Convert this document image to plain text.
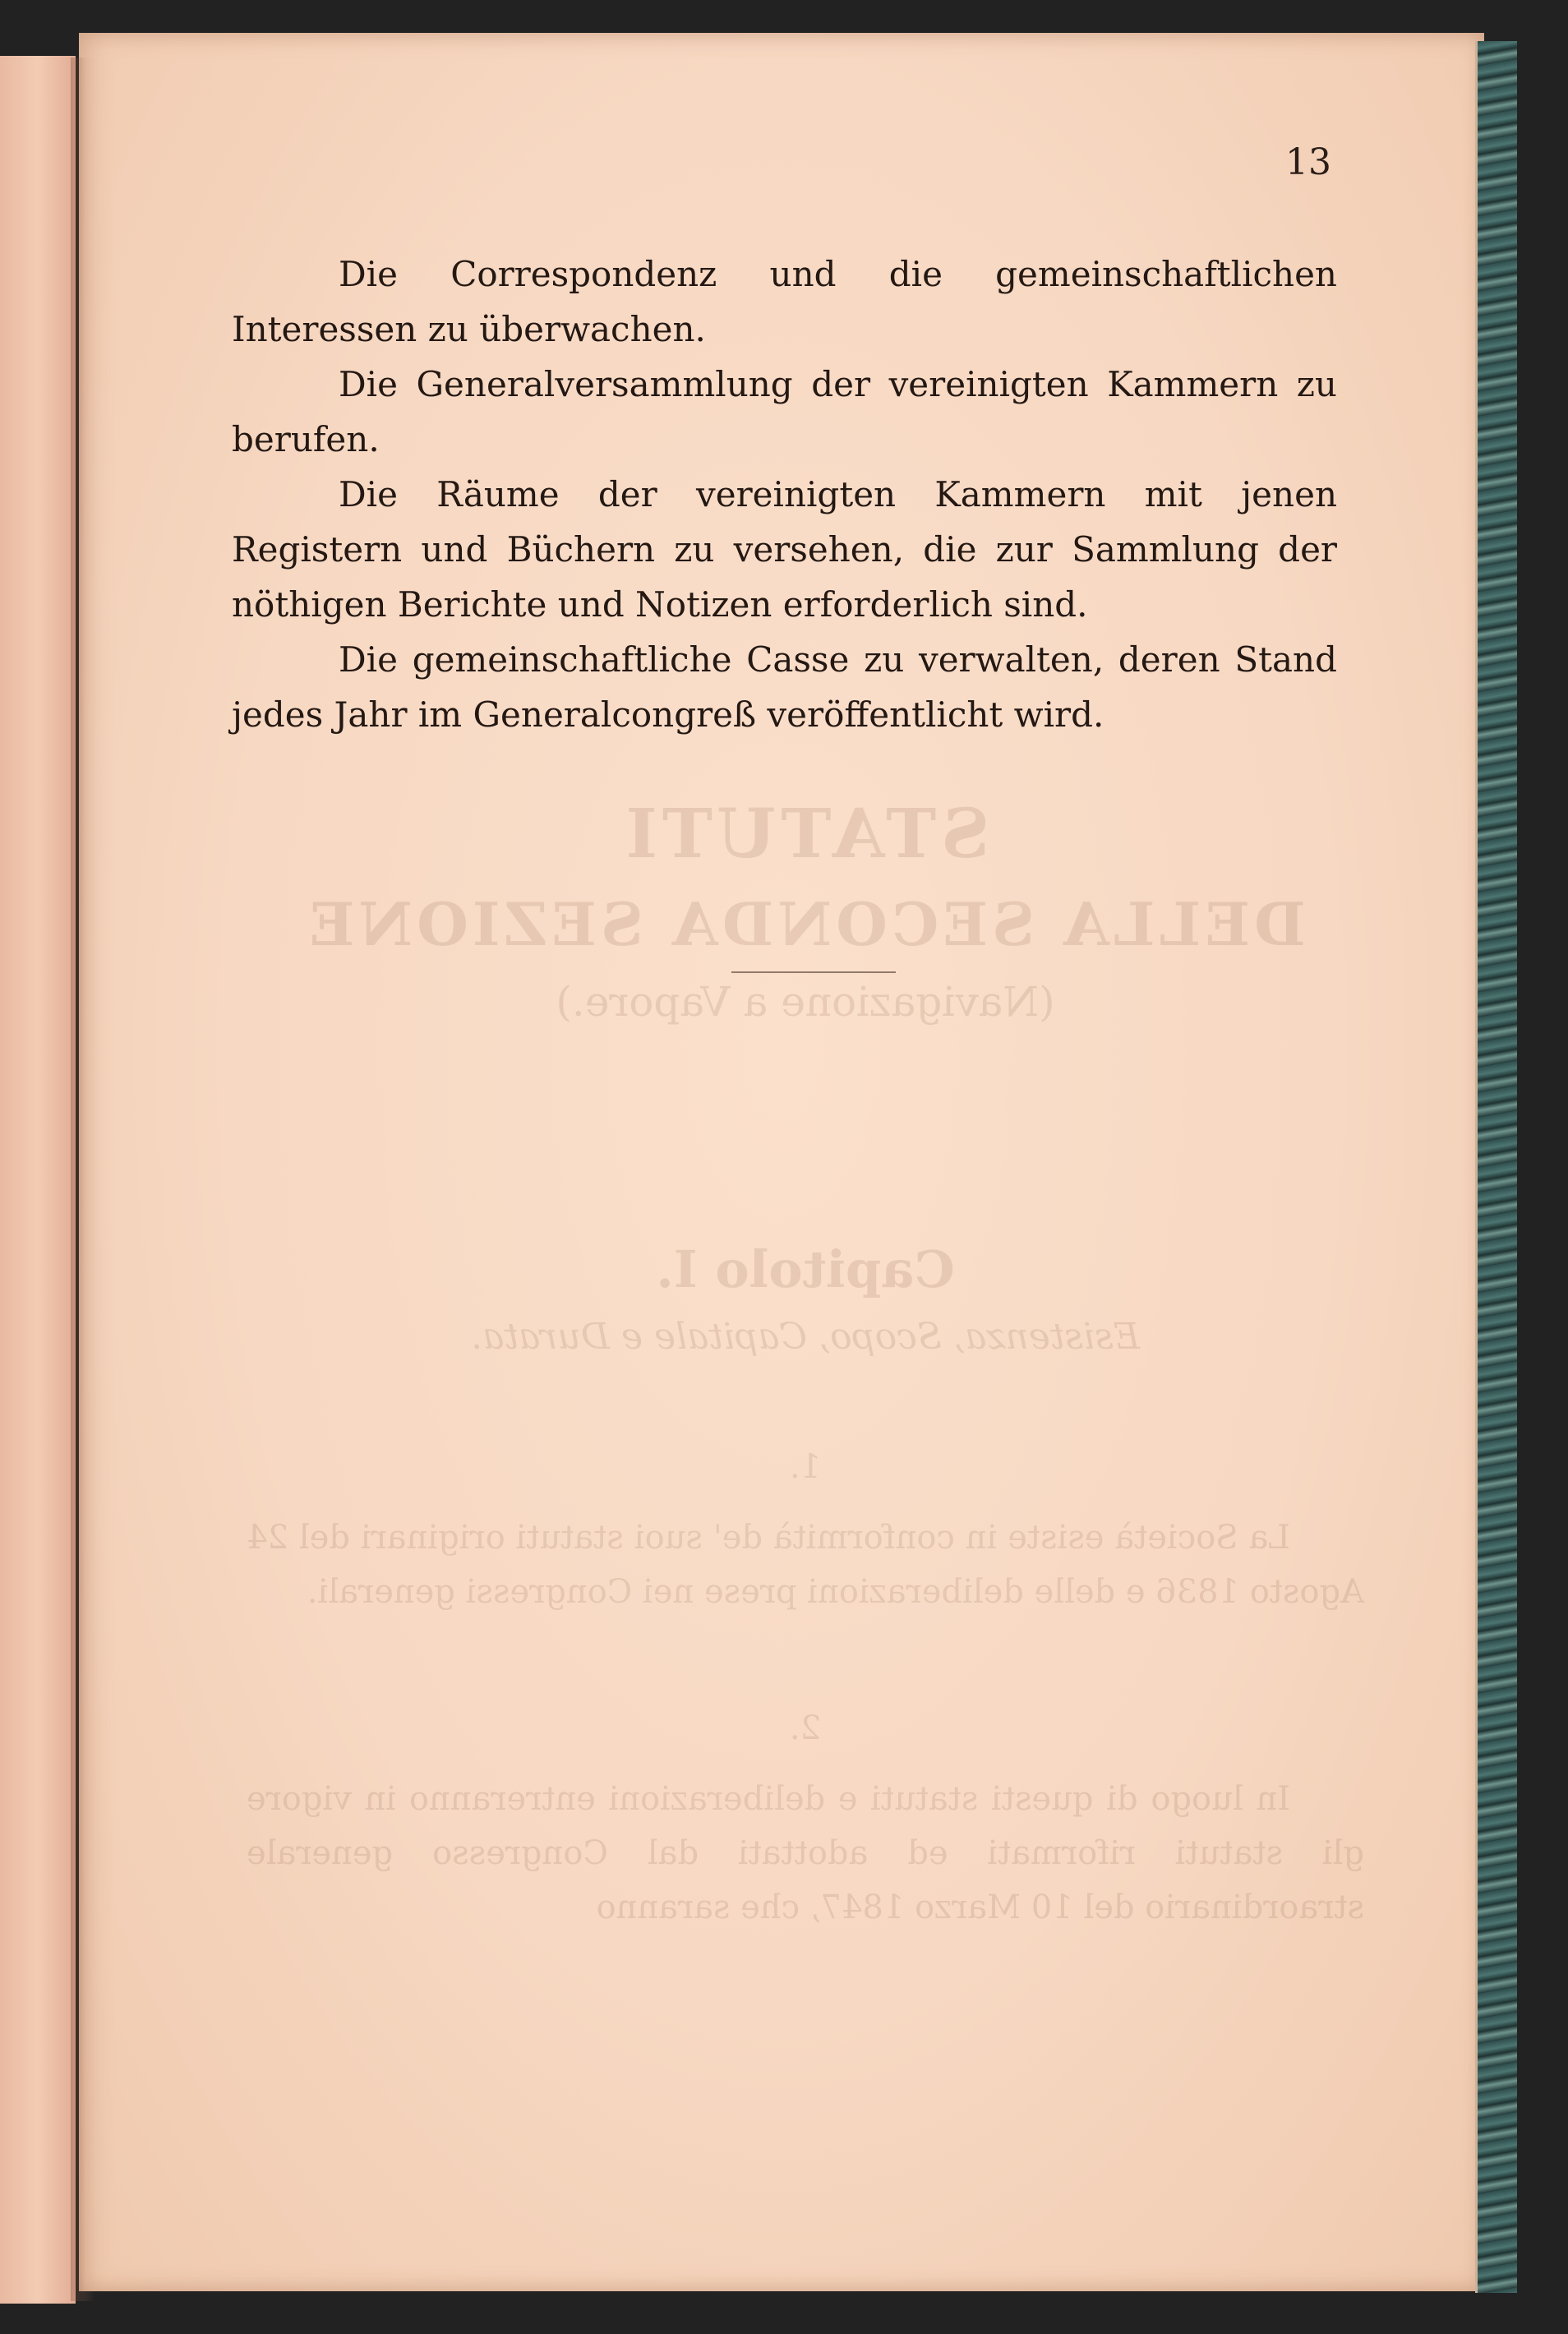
STATUTI

DELLA SECONDA SEZIONE

(Navigazione a Vapore.)

Capitolo I.

Esistenza, Scopo, Capitale e Durata.

1.

La Società esiste in conformità de' suoi statuti originari del 24 Agosto 1836 e delle deliberazioni prese nei Congressi generali.

2.

In luogo di questi statuti e deliberazioni entreranno in vigore gli statuti riformati ed adottati dal Congresso generale straordinario del 10 Marzo 1847, che saranno

13

Die Correspondenz und die gemeinschaftlichen Interessen zu überwachen.

Die Generalversammlung der vereinigten Kammern zu berufen.

Die Räume der vereinigten Kammern mit jenen Registern und Büchern zu versehen, die zur Sammlung der nöthigen Berichte und Notizen erforderlich sind.

Die gemeinschaftliche Casse zu verwalten, deren Stand jedes Jahr im Generalcongreß veröffentlicht wird.
